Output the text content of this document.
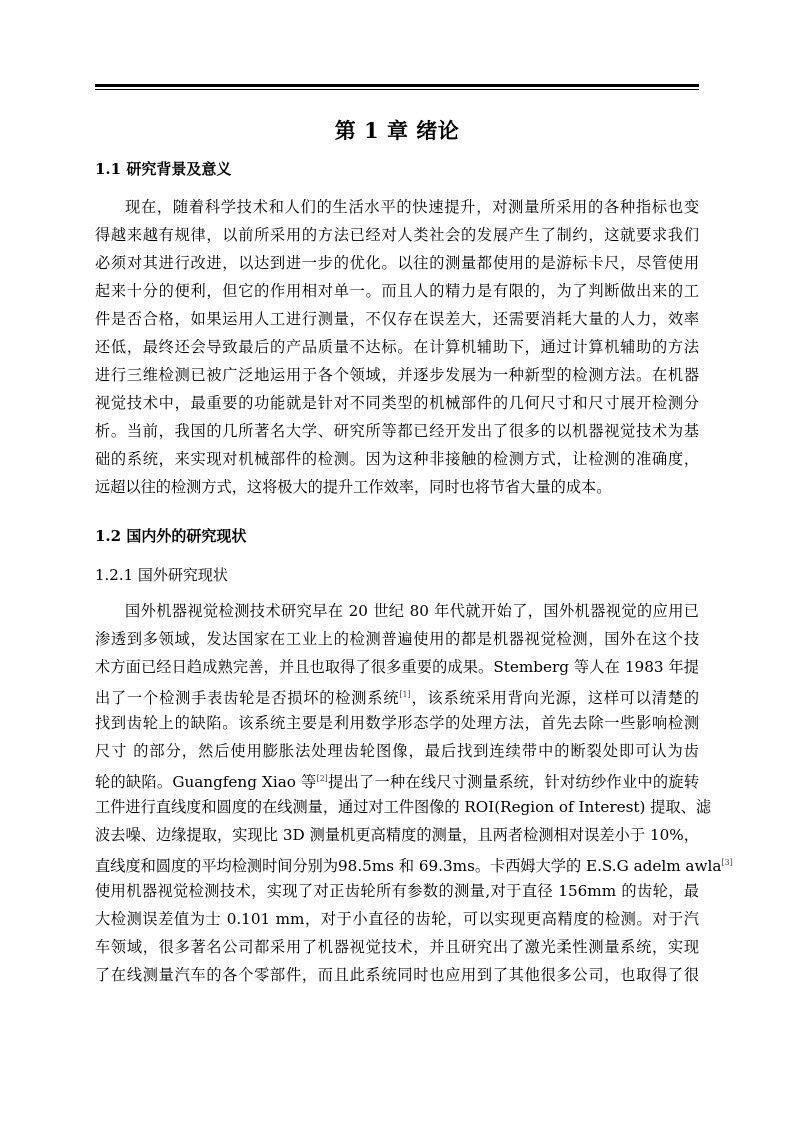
第 1 章 绪论
1.1 研究背景及意义
现在，随着科学技术和人们的生活水平的快速提升，对测量所采用的各种指标也变
得越来越有规律，以前所采用的方法已经对人类社会的发展产生了制约，这就要求我们
必须对其进行改进，以达到进一步的优化。以往的测量都使用的是游标卡尺，尽管使用
起来十分的便利，但它的作用相对单一。而且人的精力是有限的，为了判断做出来的工
件是否合格，如果运用人工进行测量，不仅存在误差大，还需要消耗大量的人力，效率
还低，最终还会导致最后的产品质量不达标。在计算机辅助下，通过计算机辅助的方法
进行三维检测已被广泛地运用于各个领域，并逐步发展为一种新型的检测方法。在机器
视觉技术中，最重要的功能就是针对不同类型的机械部件的几何尺寸和尺寸展开检测分
析。当前，我国的几所著名大学、研究所等都已经开发出了很多的以机器视觉技术为基
础的系统，来实现对机械部件的检测。因为这种非接触的检测方式，让检测的准确度，
远超以往的检测方式，这将极大的提升工作效率，同时也将节省大量的成本。
1.2 国内外的研究现状
1.2.1 国外研究现状
国外机器视觉检测技术研究早在 20 世纪 80 年代就开始了，国外机器视觉的应用已
渗透到多领域，发达国家在工业上的检测普遍使用的都是机器视觉检测，国外在这个技
术方面已经日趋成熟完善，并且也取得了很多重要的成果。Stemberg 等人在 1983 年提
出了一个检测手表齿轮是否损坏的检测系统[1]，该系统采用背向光源，这样可以清楚的
找到齿轮上的缺陷。该系统主要是利用数学形态学的处理方法，首先去除一些影响检测
尺寸 的部分，然后使用膨胀法处理齿轮图像，最后找到连续带中的断裂处即可认为齿
轮的缺陷。Guangfeng Xiao 等[2]提出了一种在线尺寸测量系统，针对纺纱作业中的旋转
工件进行直线度和圆度的在线测量，通过对工件图像的 ROI(Region of Interest) 提取、滤
波去噪、边缘提取，实现比 3D 测量机更高精度的测量，且两者检测相对误差小于 10%，
直线度和圆度的平均检测时间分别为98.5ms 和 69.3ms。卡西姆大学的 E.S.G adelm awla[3]
使用机器视觉检测技术，实现了对正齿轮所有参数的测量,对于直径 156mm 的齿轮，最
大检测误差值为士 0.101 mm，对于小直径的齿轮，可以实现更高精度的检测。对于汽
车领域，很多著名公司都采用了机器视觉技术，并且研究出了激光柔性测量系统，实现
了在线测量汽车的各个零部件，而且此系统同时也应用到了其他很多公司，也取得了很
